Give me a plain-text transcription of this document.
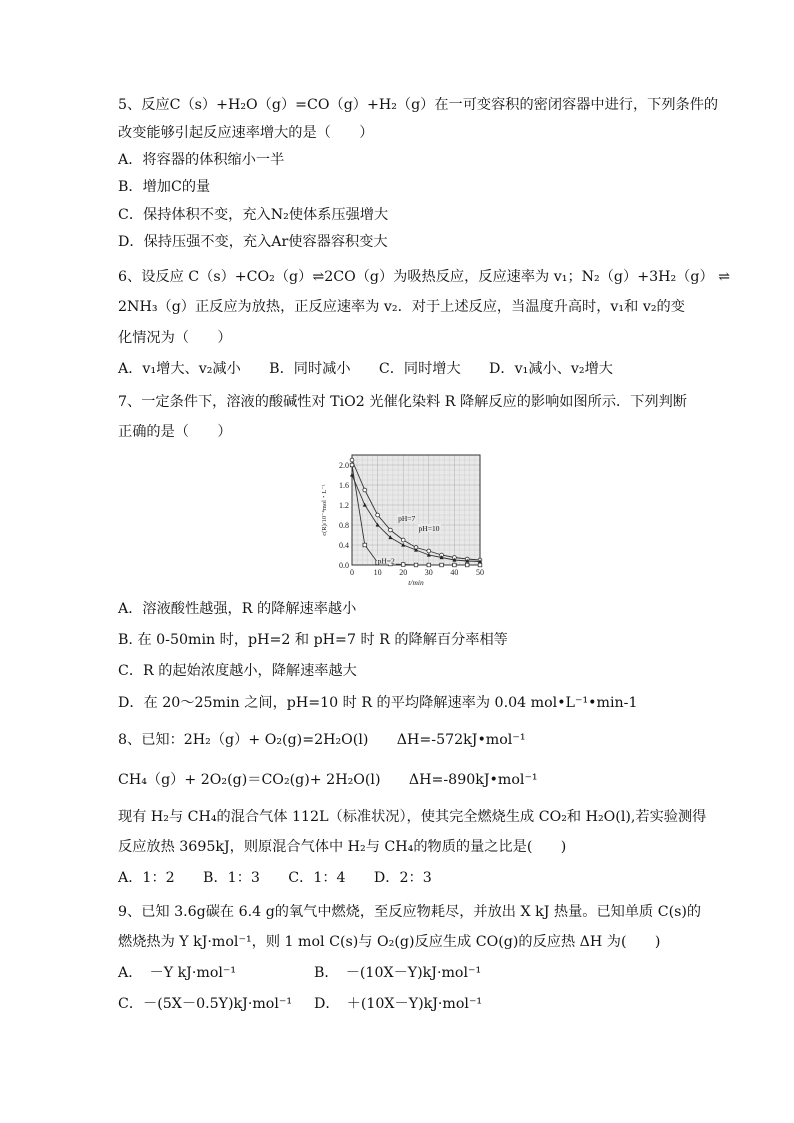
5、反应C（s）+H₂O（g）=CO（g）+H₂（g）在一可变容积的密闭容器中进行，下列条件的
改变能够引起反应速率增大的是（　　）
A．将容器的体积缩小一半
B．增加C的量
C．保持体积不变，充入N₂使体系压强增大
D．保持压强不变，充入Ar使容器容积变大
6、设反应 C（s）+CO₂（g）⇌2CO（g）为吸热反应，反应速率为 v₁；N₂（g）+3H₂（g） ⇌
2NH₃（g）正反应为放热，正反应速率为 v₂．对于上述反应，当温度升高时，v₁和 v₂的变
化情况为（　　）
A．v₁增大、v₂减小　　B．同时减小　　C．同时增大　　D．v₁减小、v₂增大
7、一定条件下，溶液的酸碱性对 TiO2 光催化染料 R 降解反应的影响如图所示．下列判断
正确的是（　　）
0 10 20 30 40 50
0.0
0.4
0.8
1.2
1.6
2.0
t/min
c(R)/10⁻⁴mol・L⁻¹
pH=2
pH=7
pH=10
A．溶液酸性越强，R 的降解速率越小
B. 在 0-50min 时，pH=2 和 pH=7 时 R 的降解百分率相等
C．R 的起始浓度越小，降解速率越大
D．在 20～25min 之间，pH=10 时 R 的平均降解速率为 0.04 mol•L⁻¹•min-1
8、已知：2H₂（g）+ O₂(g)=2H₂O(l)　　ΔH=-572kJ•mol⁻¹
CH₄（g）+ 2O₂(g)＝CO₂(g)+ 2H₂O(l)　　ΔH=-890kJ•mol⁻¹
现有 H₂与 CH₄的混合气体 112L（标准状况），使其完全燃烧生成 CO₂和 H₂O(l),若实验测得
反应放热 3695kJ，则原混合气体中 H₂与 CH₄的物质的量之比是(　　)
A．1：2　　B．1：3　　C．1：4　　D．2：3
9、已知 3.6g碳在 6.4 g的氧气中燃烧，至反应物耗尽，并放出 X kJ 热量。已知单质 C(s)的
燃烧热为 Y kJ·mol⁻¹，则 1 mol C(s)与 O₂(g)反应生成 CO(g)的反应热 ΔH 为(　　)
A．　－Y kJ·mol⁻¹	B．　－(10X－Y)kJ·mol⁻¹
C．－(5X－0.5Y)kJ·mol⁻¹ D．　＋(10X－Y)kJ·mol⁻¹
